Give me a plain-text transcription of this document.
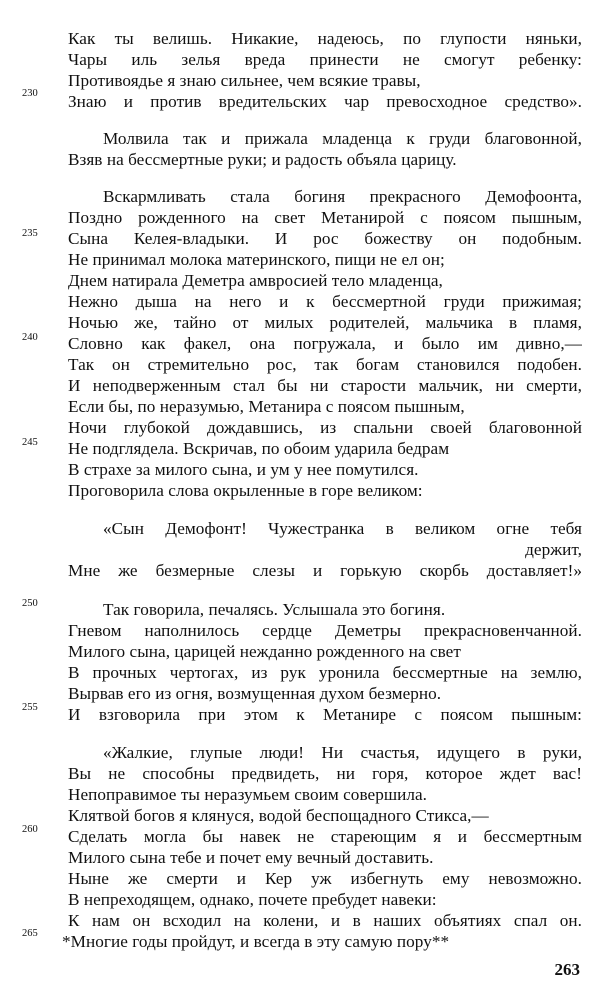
Как ты велишь. Никакие, надеюсь, по глупости няньки,
Чары иль зелья вреда принести не смогут ребенку:
Противоядье я знаю сильнее, чем всякие травы,
Знаю и против вредительских чар превосходное средство».
Молвила так и прижала младенца к груди благовонной,
Взяв на бессмертные руки; и радость объяла царицу.
Вскармливать стала богиня прекрасного Демофоонта,
Поздно рожденного на свет Метанирой с поясом пышным,
Сына Келея-владыки. И рос божеству он подобным.
Не принимал молока материнского, пищи не ел он;
Днем натирала Деметра амвросией тело младенца,
Нежно дыша на него и к бессмертной груди прижимая;
Ночью же, тайно от милых родителей, мальчика в пламя,
Словно как факел, она погружала, и было им дивно,—
Так он стремительно рос, так богам становился подобен.
И неподверженным стал бы ни старости мальчик, ни смерти,
Если бы, по неразумью, Метанира с поясом пышным,
Ночи глубокой дождавшись, из спальни своей благовонной
Не подглядела. Вскричав, по обоим ударила бедрам
В страхе за милого сына, и ум у нее помутился.
Проговорила слова окрыленные в горе великом:
«Сын Демофонт! Чужестранка в великом огне тебя
держит,
Мне же безмерные слезы и горькую скорбь доставляет!»
Так говорила, печалясь. Услышала это богиня.
Гневом наполнилось сердце Деметры прекрасновенчанной.
Милого сына, царицей нежданно рожденного на свет
В прочных чертогах, из рук уронила бессмертные на землю,
Вырвав его из огня, возмущенная духом безмерно.
И взговорила при этом к Метанире с поясом пышным:
«Жалкие, глупые люди! Ни счастья, идущего в руки,
Вы не способны предвидеть, ни горя, которое ждет вас!
Непоправимое ты неразумьем своим совершила.
Клятвой богов я клянуся, водой беспощадного Стикса,—
Сделать могла бы навек не стареющим я и бессмертным
Милого сына тебе и почет ему вечный доставить.
Ныне же смерти и Кер уж избегнуть ему невозможно.
В непреходящем, однако, почете пребудет навеки:
К нам он всходил на колени, и в наших объятиях спал он.
*Многие годы пройдут, и всегда в эту самую пору**
230
235
240
245
250
255
260
265
263
